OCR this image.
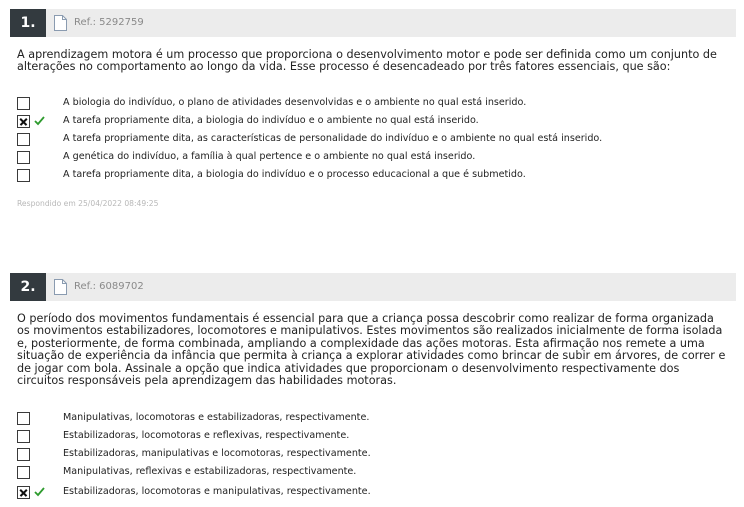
1.	Ref.: 5292759

A aprendizagem motora é um processo que proporciona o desenvolvimento motor e pode ser definida como um conjunto de alterações no comportamento ao longo da vida. Esse processo é desencadeado por três fatores essenciais, que são:

A biologia do indivíduo, o plano de atividades desenvolvidas e o ambiente no qual está inserido.
A tarefa propriamente dita, a biologia do indivíduo e o ambiente no qual está inserido.
A tarefa propriamente dita, as características de personalidade do indivíduo e o ambiente no qual está inserido.
A genética do indivíduo, a família à qual pertence e o ambiente no qual está inserido.
A tarefa propriamente dita, a biologia do indivíduo e o processo educacional a que é submetido.
Respondido em 25/04/2022 08:49:25
2.	Ref.: 6089702

O período dos movimentos fundamentais é essencial para que a criança possa descobrir como realizar de forma organizada os movimentos estabilizadores, locomotores e manipulativos. Estes movimentos são realizados inicialmente de forma isolada e, posteriormente, de forma combinada, ampliando a complexidade das ações motoras. Esta afirmação nos remete a uma situação de experiência da infância que permita à criança a explorar atividades como brincar de subir em árvores, de correr e de jogar com bola. Assinale a opção que indica atividades que proporcionam o desenvolvimento respectivamente dos circuitos responsáveis pela aprendizagem das habilidades motoras.

Manipulativas, locomotoras e estabilizadoras, respectivamente.
Estabilizadoras, locomotoras e reflexivas, respectivamente.
Estabilizadoras, manipulativas e locomotoras, respectivamente.
Manipulativas, reflexivas e estabilizadoras, respectivamente.
Estabilizadoras, locomotoras e manipulativas, respectivamente.
